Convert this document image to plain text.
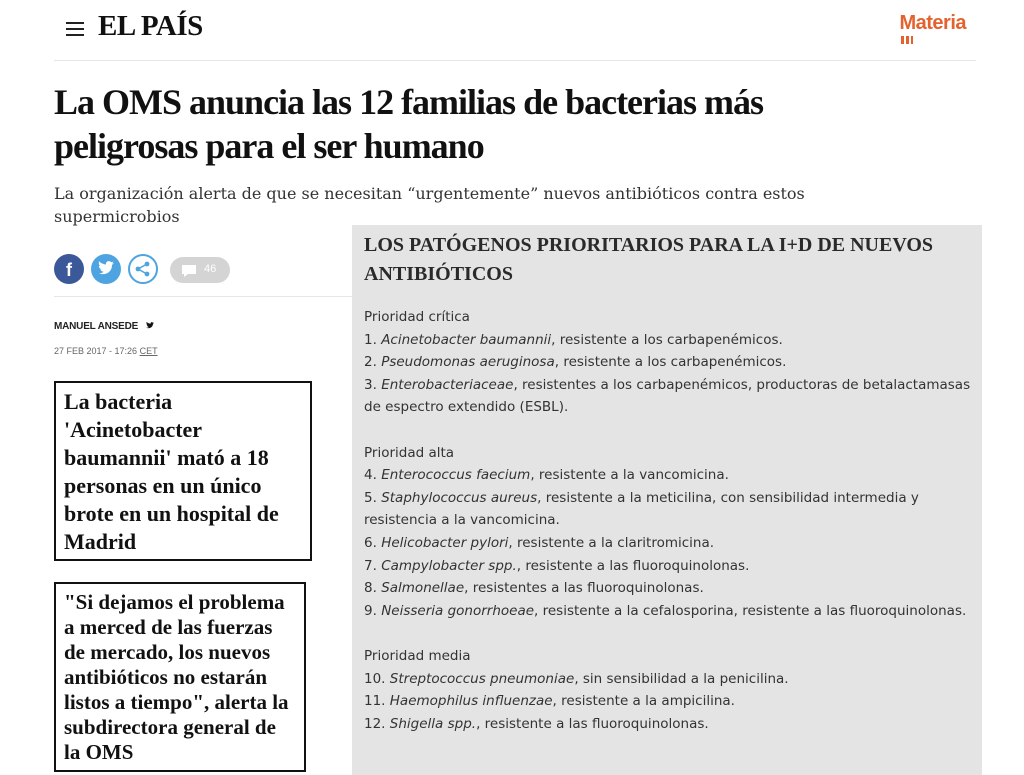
EL PAÍS	Materia
La OMS anuncia las 12 familias de bacterias más peligrosas para el ser humano

La organización alerta de que se necesitan “urgentemente” nuevos antibióticos contra estos supermicrobios

f	46
MANUEL ANSEDE
27 FEB 2017 - 17:26 CET
La bacteria 'Acinetobacter baumannii' mató a 18 personas en un único brote en un hospital de Madrid
"Si dejamos el problema a merced de las fuerzas de mercado, los nuevos antibióticos no estarán listos a tiempo", alerta la subdirectora general de la OMS
LOS PATÓGENOS PRIORITARIOS PARA LA I+D DE NUEVOS ANTIBIÓTICOS
Prioridad crítica
1. Acinetobacter baumannii, resistente a los carbapenémicos.
2. Pseudomonas aeruginosa, resistente a los carbapenémicos.
3. Enterobacteriaceae, resistentes a los carbapenémicos, productoras de betalactamasas de espectro extendido (ESBL).
Prioridad alta
4. Enterococcus faecium, resistente a la vancomicina.
5. Staphylococcus aureus, resistente a la meticilina, con sensibilidad intermedia y resistencia a la vancomicina.
6. Helicobacter pylori, resistente a la claritromicina.
7. Campylobacter spp., resistente a las fluoroquinolonas.
8. Salmonellae, resistentes a las fluoroquinolonas.
9. Neisseria gonorrhoeae, resistente a la cefalosporina, resistente a las fluoroquinolonas.
Prioridad media
10. Streptococcus pneumoniae, sin sensibilidad a la penicilina.
11. Haemophilus influenzae, resistente a la ampicilina.
12. Shigella spp., resistente a las fluoroquinolonas.
